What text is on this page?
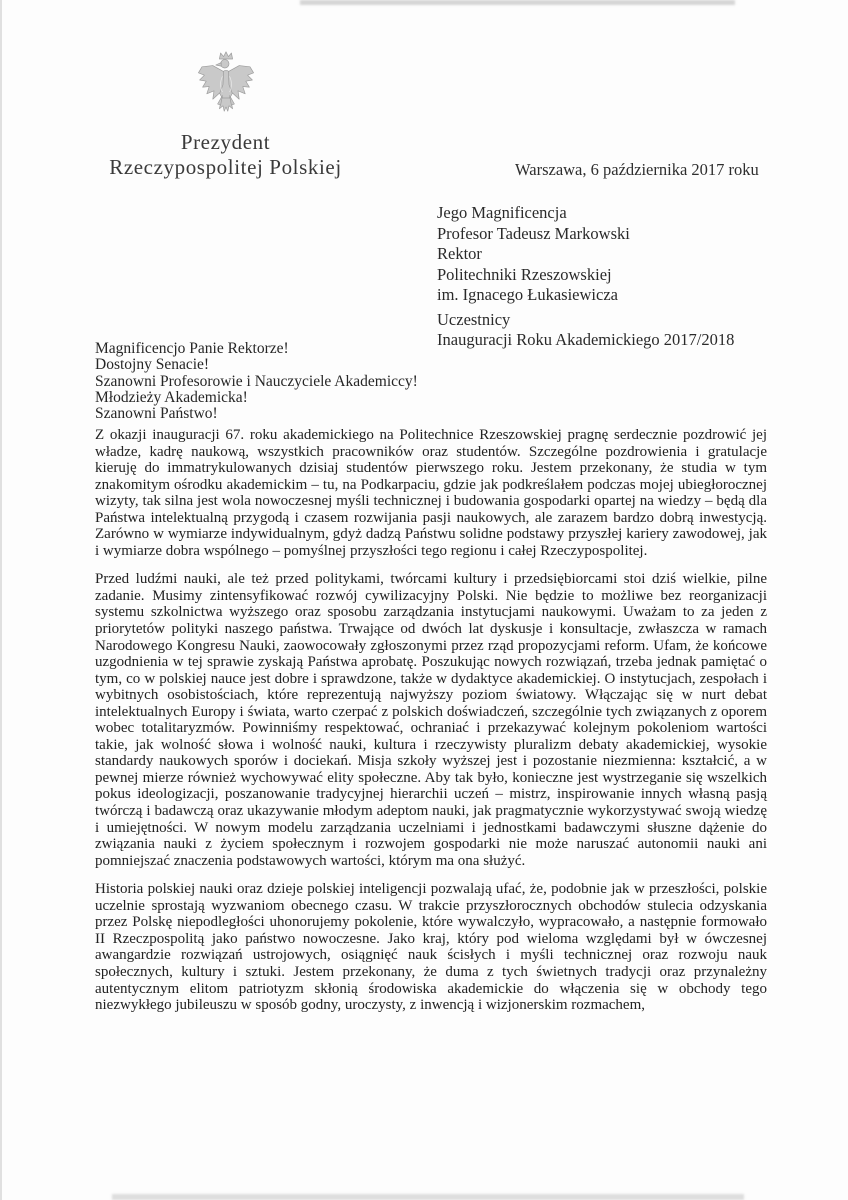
Prezydent
Rzeczypospolitej Polskiej	Warszawa, 6 października 2017 roku
Jego Magnificencja
Profesor Tadeusz Markowski
Rektor
Politechniki Rzeszowskiej
im. Ignacego Łukasiewicza
Uczestnicy
Inauguracji Roku Akademickiego 2017/2018
Magnificencjo Panie Rektorze!
Dostojny Senacie!
Szanowni Profesorowie i Nauczyciele Akademiccy!
Młodzieży Akademicka!
Szanowni Państwo!

Z okazji inauguracji 67. roku akademickiego na Politechnice Rzeszowskiej pragnę serdecznie pozdrowić jej władze, kadrę naukową, wszystkich pracowników oraz studentów. Szczególne pozdrowienia i gratulacje kieruję do immatrykulowanych dzisiaj studentów pierwszego roku. Jestem przekonany, że studia w tym znakomitym ośrodku akademickim – tu, na Podkarpaciu, gdzie jak podkreślałem podczas mojej ubiegłorocznej wizyty, tak silna jest wola nowoczesnej myśli technicznej i budowania gospodarki opartej na wiedzy – będą dla Państwa intelektualną przygodą i czasem rozwijania pasji naukowych, ale zarazem bardzo dobrą inwestycją. Zarówno w wymiarze indywidualnym, gdyż dadzą Państwu solidne podstawy przyszłej kariery zawodowej, jak i wymiarze dobra wspólnego – pomyślnej przyszłości tego regionu i całej Rzeczypospolitej.

Przed ludźmi nauki, ale też przed politykami, twórcami kultury i przedsiębiorcami stoi dziś wielkie, pilne zadanie. Musimy zintensyfikować rozwój cywilizacyjny Polski. Nie będzie to możliwe bez reorganizacji systemu szkolnictwa wyższego oraz sposobu zarządzania instytucjami naukowymi. Uważam to za jeden z priorytetów polityki naszego państwa. Trwające od dwóch lat dyskusje i konsultacje, zwłaszcza w ramach Narodowego Kongresu Nauki, zaowocowały zgłoszonymi przez rząd propozycjami reform. Ufam, że końcowe uzgodnienia w tej sprawie zyskają Państwa aprobatę. Poszukując nowych rozwiązań, trzeba jednak pamiętać o tym, co w polskiej nauce jest dobre i sprawdzone, także w dydaktyce akademickiej. O instytucjach, zespołach i wybitnych osobistościach, które reprezentują najwyższy poziom światowy. Włączając się w nurt debat intelektualnych Europy i świata, warto czerpać z polskich doświadczeń, szczególnie tych związanych z oporem wobec totalitaryzmów. Powinniśmy respektować, ochraniać i przekazywać kolejnym pokoleniom wartości takie, jak wolność słowa i wolność nauki, kultura i rzeczywisty pluralizm debaty akademickiej, wysokie standardy naukowych sporów i dociekań. Misja szkoły wyższej jest i pozostanie niezmienna: kształcić, a w pewnej mierze również wychowywać elity społeczne. Aby tak było, konieczne jest wystrzeganie się wszelkich pokus ideologizacji, poszanowanie tradycyjnej hierarchii uczeń – mistrz, inspirowanie innych własną pasją twórczą i badawczą oraz ukazywanie młodym adeptom nauki, jak pragmatycznie wykorzystywać swoją wiedzę i umiejętności. W nowym modelu zarządzania uczelniami i jednostkami badawczymi słuszne dążenie do związania nauki z życiem społecznym i rozwojem gospodarki nie może naruszać autonomii nauki ani pomniejszać znaczenia podstawowych wartości, którym ma ona służyć.

Historia polskiej nauki oraz dzieje polskiej inteligencji pozwalają ufać, że, podobnie jak w przeszłości, polskie uczelnie sprostają wyzwaniom obecnego czasu. W trakcie przyszłorocznych obchodów stulecia odzyskania przez Polskę niepodległości uhonorujemy pokolenie, które wywalczyło, wypracowało, a następnie formowało II Rzeczpospolitą jako państwo nowoczesne. Jako kraj, który pod wieloma względami był w ówczesnej awangardzie rozwiązań ustrojowych, osiągnięć nauk ścisłych i myśli technicznej oraz rozwoju nauk społecznych, kultury i sztuki. Jestem przekonany, że duma z tych świetnych tradycji oraz przynależny autentycznym elitom patriotyzm skłonią środowiska akademickie do włączenia się w obchody tego niezwykłego jubileuszu w sposób godny, uroczysty, z inwencją i wizjonerskim rozmachem,
